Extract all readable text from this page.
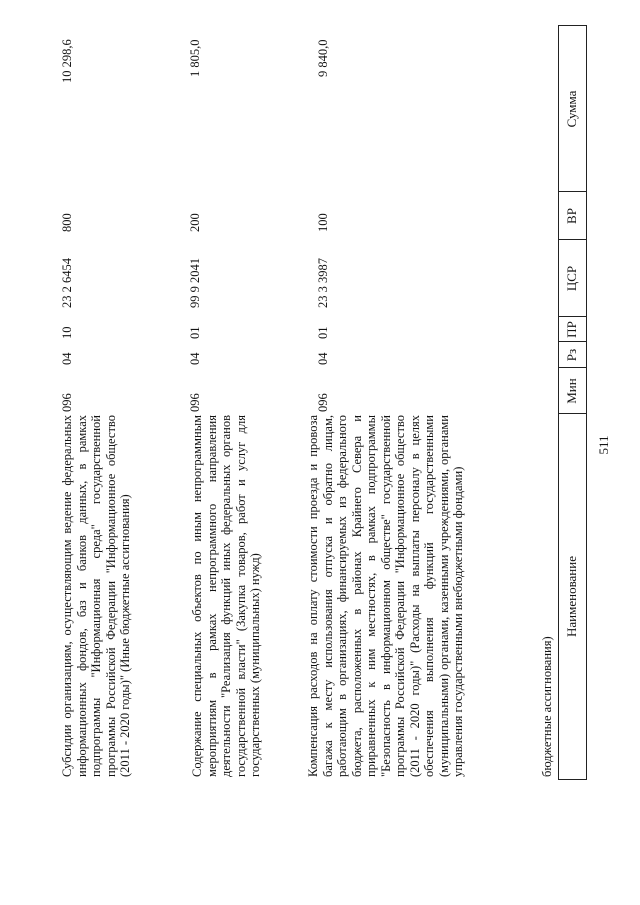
511
Наименование
Мин
Рз
ПР
ЦСР
ВР
Сумма
бюджетные ассигнования)
Компенсация расходов на оплату стоимости проезда и провоза багажа к месту использования отпуска и обратно лицам, работающим в организациях, финансируемых из федерального бюджета, расположенных в районах Крайнего Севера и приравненных к ним местностях, в рамках подпрограммы "Безопасность в информационном обществе" государственной программы Российской Федерации "Информационное общество (2011 - 2020 годы)" (Расходы на выплаты персоналу в целях обеспечения выполнения функций государственными (муниципальными) органами, казенными учреждениями, органами управления государственными внебюджетными фондами)
096
04
01
23 3 3987
100
9 840,0
Содержание специальных объектов по иным непрограммным мероприятиям в рамках непрограммного направления деятельности "Реализация функций иных федеральных органов государственной власти" (Закупка товаров, работ и услуг для государственных (муниципальных) нужд)
096
04
01
99 9 2041
200
1 805,0
Субсидии организациям, осуществляющим ведение федеральных информационных фондов, баз и банков данных, в рамках подпрограммы "Информационная среда" государственной программы Российской Федерации "Информационное общество (2011 - 2020 годы)" (Иные бюджетные ассигнования)
096
04
10
23 2 6454
800
10 298,6
